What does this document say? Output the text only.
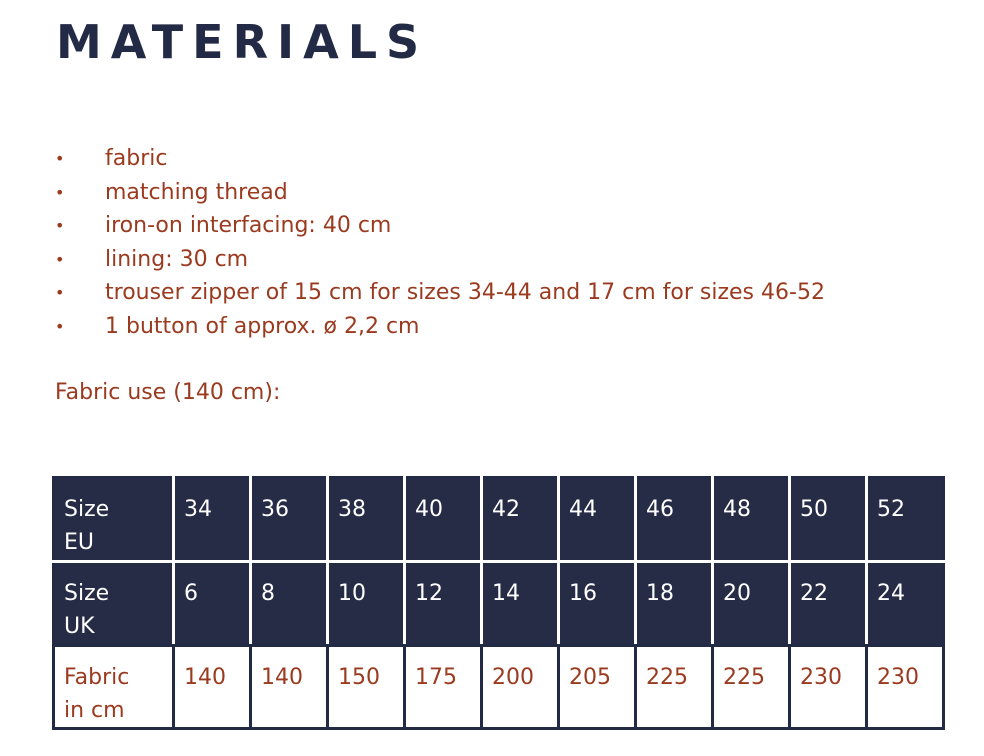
MATERIALS
• fabric
• matching thread
• iron-on interfacing: 40 cm
• lining: 30 cm
• trouser zipper of 15 cm for sizes 34-44 and 17 cm for sizes 46-52
• 1 button of approx. ø 2,2 cm
Fabric use (140 cm):
Size
EU	34	36	38	40	42	44	46	48	50	52
Size
UK	6	8	10	12	14	16	18	20	22	24
Fabric
in cm	140	140	150	175	200	205	225	225	230	230
